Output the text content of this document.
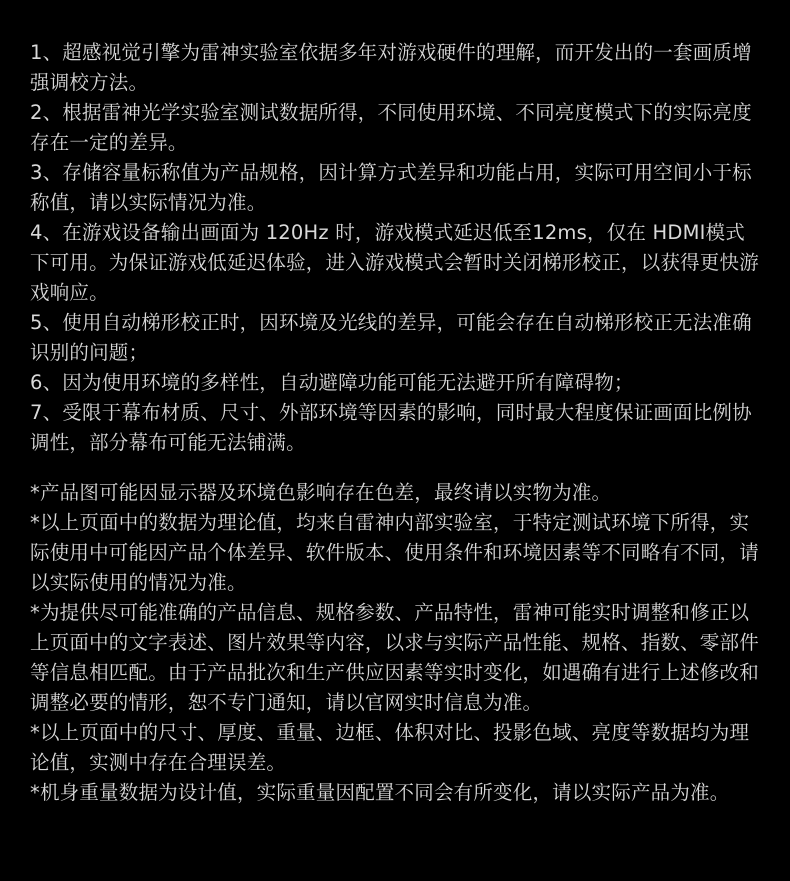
1、超感视觉引擎为雷神实验室依据多年对游戏硬件的理解，而开发出的一套画质增强调校方法。

2、根据雷神光学实验室测试数据所得，不同使用环境、不同亮度模式下的实际亮度存在一定的差异。

3、存储容量标称值为产品规格，因计算方式差异和功能占用，实际可用空间小于标称值，请以实际情况为准。

4、在游戏设备输出画面为 120Hz 时，游戏模式延迟低至12ms，仅在 HDMI模式下可用。为保证游戏低延迟体验，进入游戏模式会暂时关闭梯形校正，以获得更快游戏响应。

5、使用自动梯形校正时，因环境及光线的差异，可能会存在自动梯形校正无法准确识别的问题；

6、因为使用环境的多样性，自动避障功能可能无法避开所有障碍物；

7、受限于幕布材质、尺寸、外部环境等因素的影响，同时最大程度保证画面比例协调性，部分幕布可能无法铺满。

*产品图可能因显示器及环境色影响存在色差，最终请以实物为准。

*以上页面中的数据为理论值，均来自雷神内部实验室，于特定测试环境下所得，实际使用中可能因产品个体差异、软件版本、使用条件和环境因素等不同略有不同，请以实际使用的情况为准。

*为提供尽可能准确的产品信息、规格参数、产品特性，雷神可能实时调整和修正以上页面中的文字表述、图片效果等内容，以求与实际产品性能、规格、指数、零部件等信息相匹配。由于产品批次和生产供应因素等实时变化，如遇确有进行上述修改和调整必要的情形，恕不专门通知，请以官网实时信息为准。

*以上页面中的尺寸、厚度、重量、边框、体积对比、投影色域、亮度等数据均为理论值，实测中存在合理误差。

*机身重量数据为设计值，实际重量因配置不同会有所变化，请以实际产品为准。
